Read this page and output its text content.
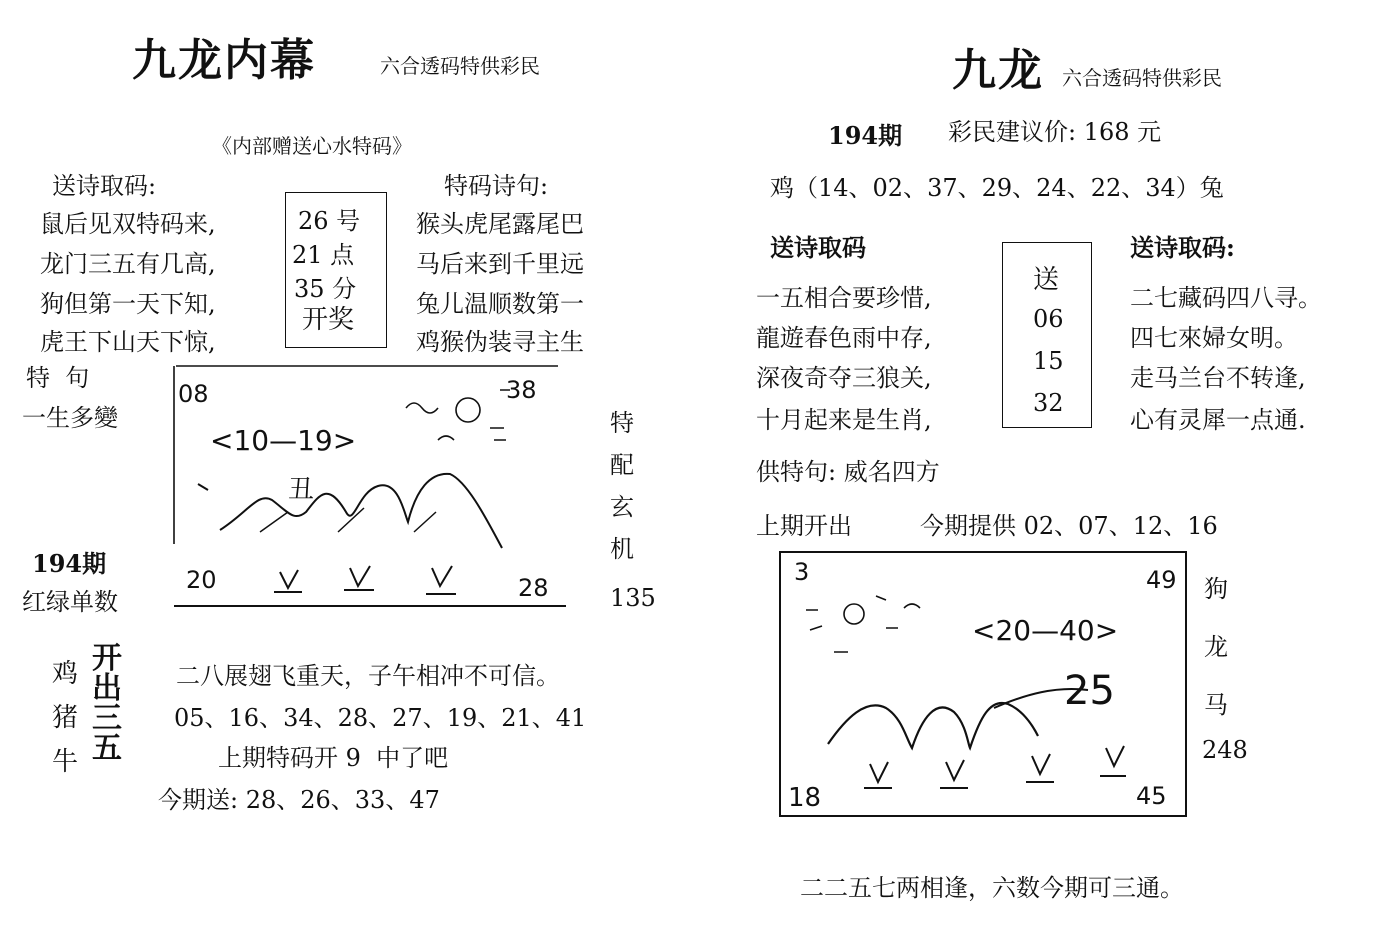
九龙内幕	六合透码特供彩民
《内部赠送心水特码》
送诗取码:
鼠后见双特码来,
龙门三五有几高,
狗但第一天下知,
虎王下山天下惊,
26 号
21 点
35 分
开奖
特码诗句:
猴头虎尾露尾巴
马后来到千里远
兔儿温顺数第一
鸡猴伪装寻主生
特  句
一生多變
194期
红绿单数
08	38
<10—19>
丑
20	28
特
配
玄
机
135
鸡
猪
牛
开
出
三
五
二八展翅飞重天，子午相冲不可信。
05、16、34、28、27、19、21、41
上期特码开 9  中了吧
今期送: 28、26、33、47
九龙 六合透码特供彩民
194期 彩民建议价: 168 元
鸡（14、02、37、29、24、22、34）兔
送诗取码
一五相合要珍惜,
龍遊春色雨中存,
深夜奇夺三狼关,
十月起来是生肖,
送
06
15
32
送诗取码:
二七藏码四八寻。
四七來婦女明。
走马兰台不转逢,
心有灵犀一点通.
供特句: 威名四方
上期开出	今期提供 02、07、12、16
3	49
<20—40>
25
18	45
狗
龙
马
248
二二五七两相逢，六数今期可三通。
